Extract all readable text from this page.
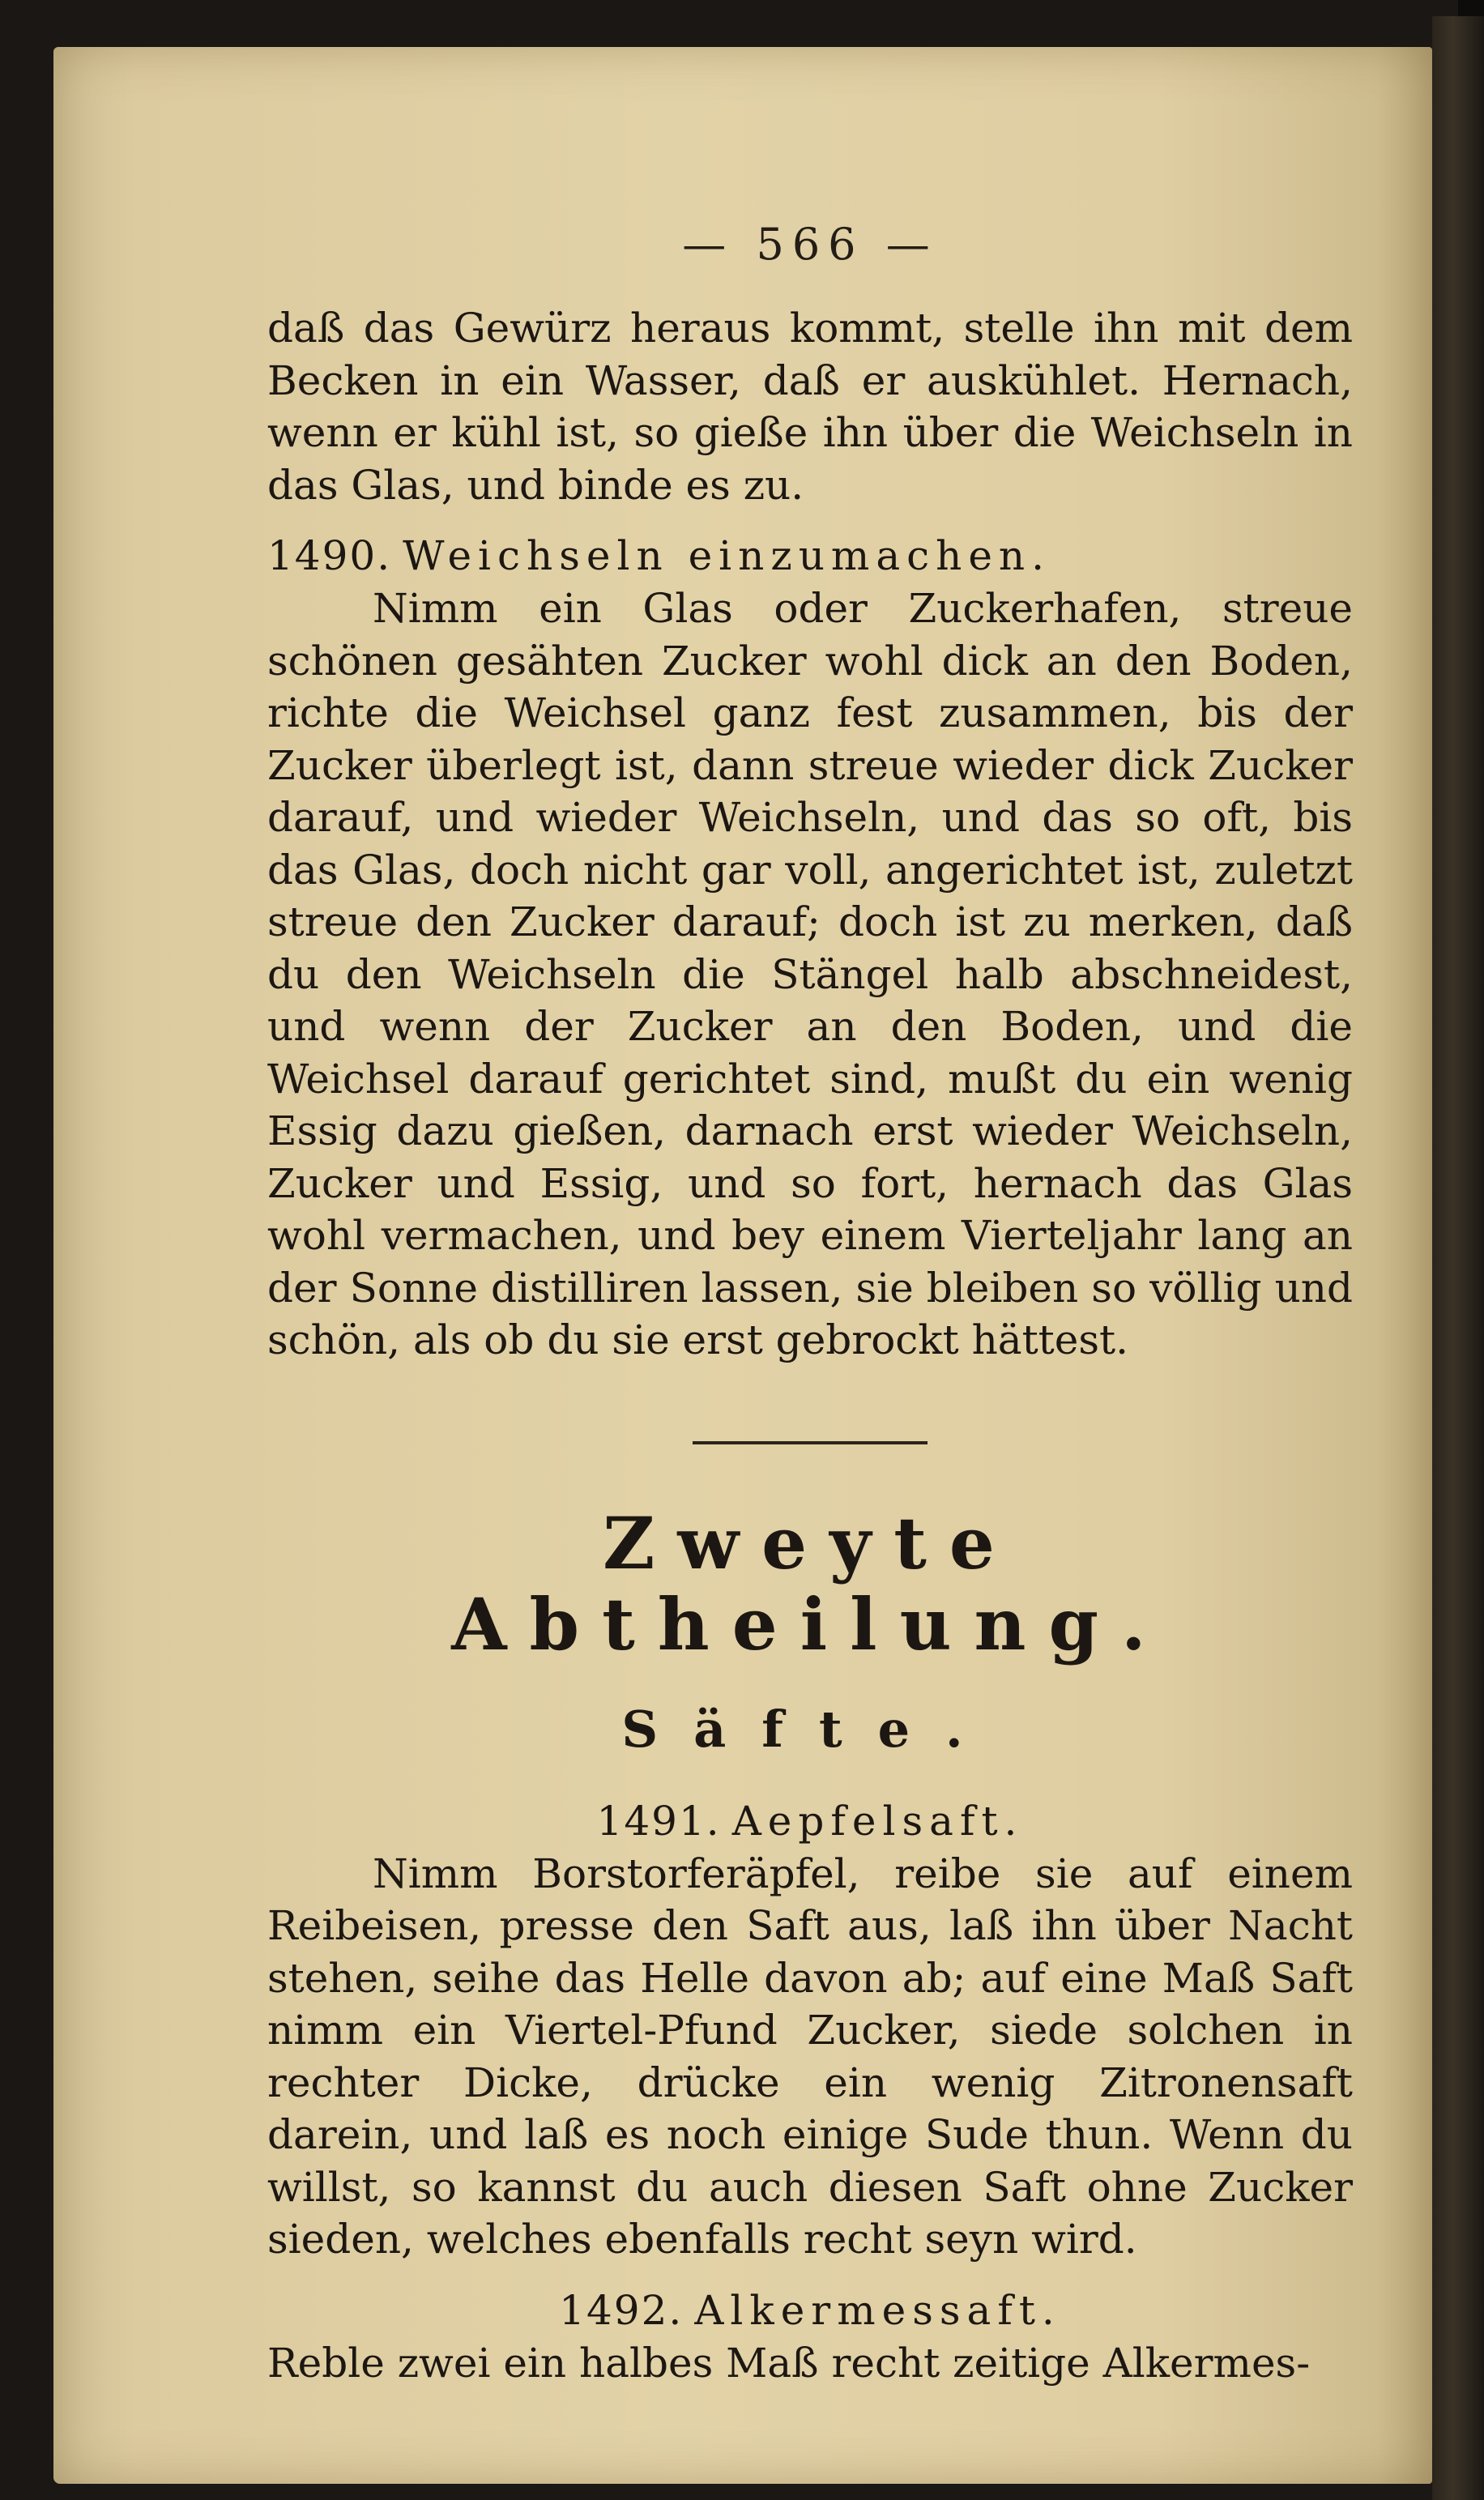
— 566 —

daß das Gewürz heraus kommt, stelle ihn mit dem Becken in ein Wasser, daß er auskühlet. Hernach, wenn er kühl ist, so gieße ihn über die Weichseln in das Glas, und binde es zu.

1490. Weichseln einzumachen.

Nimm ein Glas oder Zuckerhafen, streue schönen gesähten Zucker wohl dick an den Boden, richte die Weichsel ganz fest zusammen, bis der Zucker überlegt ist, dann streue wieder dick Zucker darauf, und wieder Weichseln, und das so oft, bis das Glas, doch nicht gar voll, angerichtet ist, zuletzt streue den Zucker darauf; doch ist zu merken, daß du den Weichseln die Stängel halb abschneidest, und wenn der Zucker an den Boden, und die Weichsel darauf gerichtet sind, mußt du ein wenig Essig dazu gießen, darnach erst wieder Weichseln, Zucker und Essig, und so fort, hernach das Glas wohl vermachen, und bey einem Vierteljahr lang an der Sonne distilliren lassen, sie bleiben so völlig und schön, als ob du sie erst gebrockt hättest.

Zweyte Abtheilung.
Säfte.

1491. Aepfelsaft.

Nimm Borstorferäpfel, reibe sie auf einem Reibeisen, presse den Saft aus, laß ihn über Nacht stehen, seihe das Helle davon ab; auf eine Maß Saft nimm ein Viertel-Pfund Zucker, siede solchen in rechter Dicke, drücke ein wenig Zitronensaft darein, und laß es noch einige Sude thun. Wenn du willst, so kannst du auch diesen Saft ohne Zucker sieden, welches ebenfalls recht seyn wird.

1492. Alkermessaft.

Reble zwei ein halbes Maß recht zeitige Alkermes-
